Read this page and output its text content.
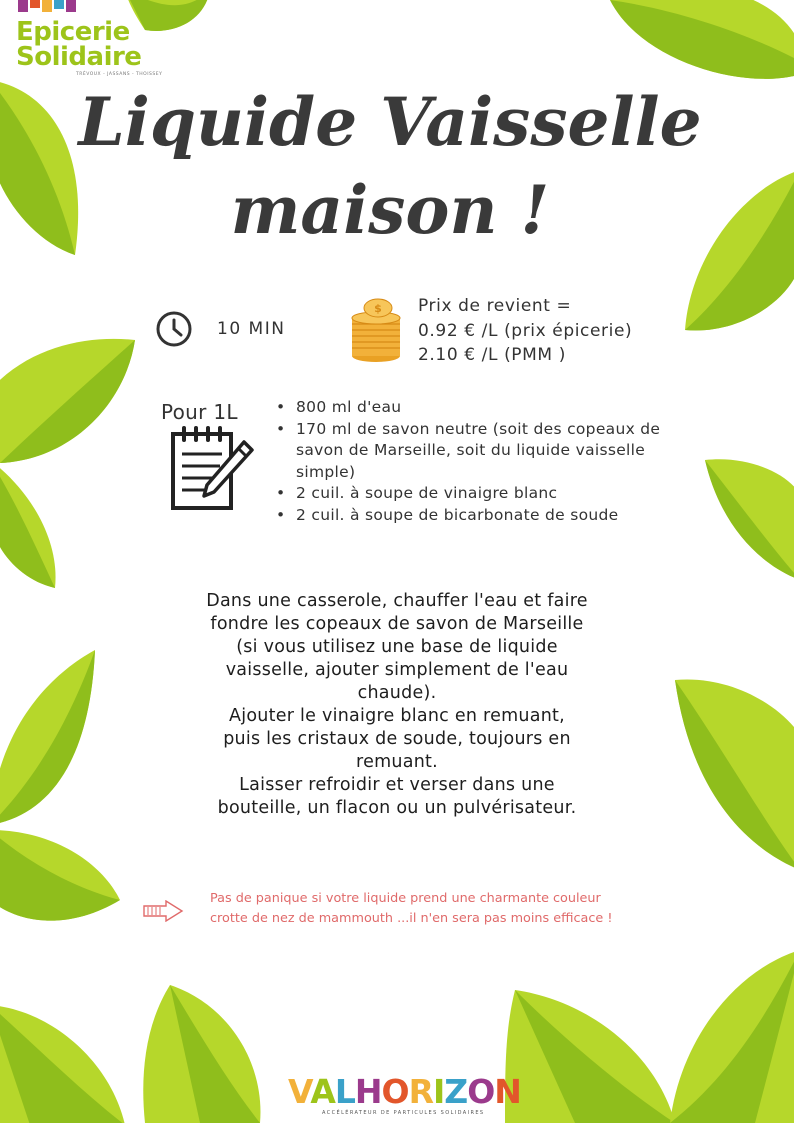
Epicerie
Solidaire
TRÉVOUX - JASSANS - THOISSEY
Liquide Vaisselle
maison !
10 MIN
$ Prix de revient =
0.92 € /L (prix épicerie)
2.10 € /L (PMM )
Pour 1L
•	800 ml d'eau
• 170 ml de savon neutre (soit des copeaux de savon de Marseille, soit du liquide vaisselle simple)
• 2 cuil. à soupe de vinaigre blanc
• 2 cuil. à soupe de bicarbonate de soude
Dans une casserole, chauffer l'eau et faire
fondre les copeaux de savon de Marseille
(si vous utilisez une base de liquide
vaisselle, ajouter simplement de l'eau
chaude).
Ajouter le vinaigre blanc en remuant,
puis les cristaux de soude, toujours en
remuant.
Laisser refroidir et verser dans une
bouteille, un flacon ou un pulvérisateur.
Pas de panique si votre liquide prend une charmante couleur
crotte de nez de mammouth ...il n'en sera pas moins efficace !
VALHORIZON
ACCÉLÉRATEUR DE PARTICULES SOLIDAIRES
